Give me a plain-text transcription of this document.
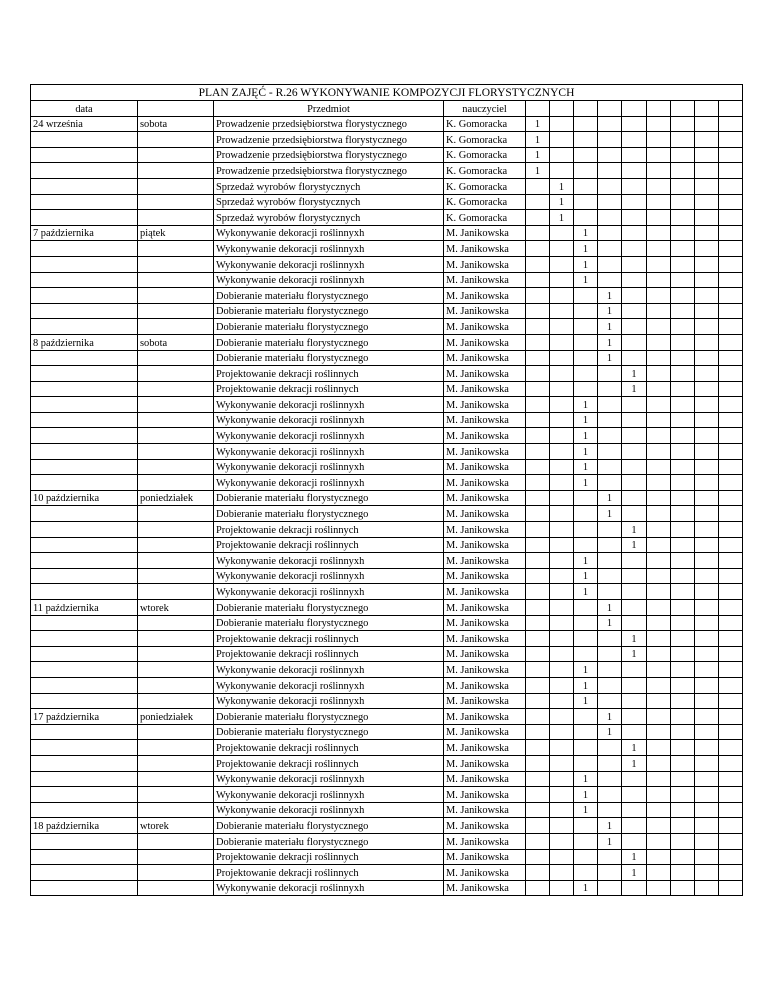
PLAN ZAJĘĆ - R.26 WYKONYWANIE KOMPOZYCJI FLORYSTYCZNYCH												
data		Przedmiot	nauczyciel									
24 września	sobota	Prowadzenie przedsiębiorstwa florystycznego	K. Gomoracka	1								
		Prowadzenie przedsiębiorstwa florystycznego	K. Gomoracka	1								
		Prowadzenie przedsiębiorstwa florystycznego	K. Gomoracka	1								
		Prowadzenie przedsiębiorstwa florystycznego	K. Gomoracka	1								
		Sprzedaż wyrobów florystycznych	K. Gomoracka		1							
		Sprzedaż wyrobów florystycznych	K. Gomoracka		1							
		Sprzedaż wyrobów florystycznych	K. Gomoracka		1							
7 października	piątek	Wykonywanie dekoracji roślinnyxh	M. Janikowska			1						
		Wykonywanie dekoracji roślinnyxh	M. Janikowska			1						
		Wykonywanie dekoracji roślinnyxh	M. Janikowska			1						
		Wykonywanie dekoracji roślinnyxh	M. Janikowska			1						
		Dobieranie materiału florystycznego	M. Janikowska				1					
		Dobieranie materiału florystycznego	M. Janikowska				1					
		Dobieranie materiału florystycznego	M. Janikowska				1					
8 października	sobota	Dobieranie materiału florystycznego	M. Janikowska				1					
		Dobieranie materiału florystycznego	M. Janikowska				1					
		Projektowanie dekracji roślinnych	M. Janikowska					1				
		Projektowanie dekracji roślinnych	M. Janikowska					1				
		Wykonywanie dekoracji roślinnyxh	M. Janikowska			1						
		Wykonywanie dekoracji roślinnyxh	M. Janikowska			1						
		Wykonywanie dekoracji roślinnyxh	M. Janikowska			1						
		Wykonywanie dekoracji roślinnyxh	M. Janikowska			1						
		Wykonywanie dekoracji roślinnyxh	M. Janikowska			1						
		Wykonywanie dekoracji roślinnyxh	M. Janikowska			1						
10 października	poniedziałek	Dobieranie materiału florystycznego	M. Janikowska				1					
		Dobieranie materiału florystycznego	M. Janikowska				1					
		Projektowanie dekracji roślinnych	M. Janikowska					1				
		Projektowanie dekracji roślinnych	M. Janikowska					1				
		Wykonywanie dekoracji roślinnyxh	M. Janikowska			1						
		Wykonywanie dekoracji roślinnyxh	M. Janikowska			1						
		Wykonywanie dekoracji roślinnyxh	M. Janikowska			1						
11 października	wtorek	Dobieranie materiału florystycznego	M. Janikowska				1					
		Dobieranie materiału florystycznego	M. Janikowska				1					
		Projektowanie dekracji roślinnych	M. Janikowska					1				
		Projektowanie dekracji roślinnych	M. Janikowska					1				
		Wykonywanie dekoracji roślinnyxh	M. Janikowska			1						
		Wykonywanie dekoracji roślinnyxh	M. Janikowska			1						
		Wykonywanie dekoracji roślinnyxh	M. Janikowska			1						
17 października	poniedziałek	Dobieranie materiału florystycznego	M. Janikowska				1					
		Dobieranie materiału florystycznego	M. Janikowska				1					
		Projektowanie dekracji roślinnych	M. Janikowska					1				
		Projektowanie dekracji roślinnych	M. Janikowska					1				
		Wykonywanie dekoracji roślinnyxh	M. Janikowska			1						
		Wykonywanie dekoracji roślinnyxh	M. Janikowska			1						
		Wykonywanie dekoracji roślinnyxh	M. Janikowska			1						
18 października	wtorek	Dobieranie materiału florystycznego	M. Janikowska				1					
		Dobieranie materiału florystycznego	M. Janikowska				1					
		Projektowanie dekracji roślinnych	M. Janikowska					1				
		Projektowanie dekracji roślinnych	M. Janikowska					1				
		Wykonywanie dekoracji roślinnyxh	M. Janikowska			1						
